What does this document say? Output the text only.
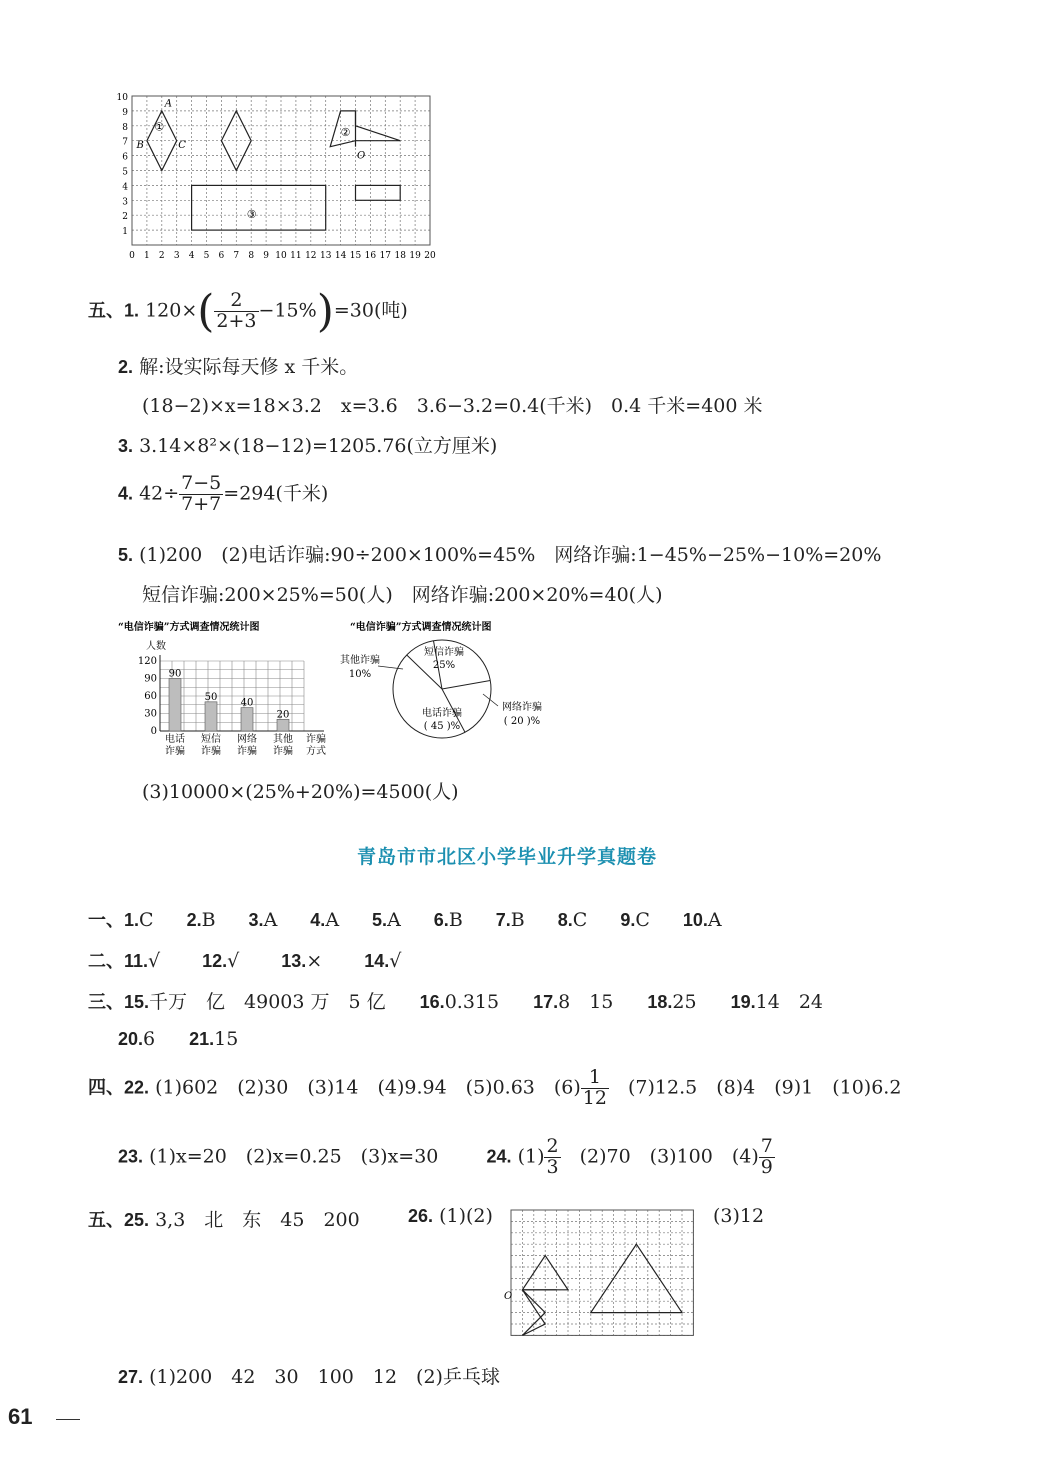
10
9
8
7
6
5
4
3
2
1
0 1 2 3 4 5 6 7 8 9 10 11 12 13 14 15 16 17 18 19 20
A
B	C
O
①	②
③
五、1. $120\times( \frac{2}{2+3} -15\%)=30$(吨)
2. 解:设实际每天修 x 千米。
(18−2)×x=18×3.2　x=3.6　3.6−3.2=0.4(千米)　0.4 千米=400 米
3. 3.14×8²×(18−12)=1205.76(立方厘米)
4. $42\div \frac{7-5}{7+7} =294$(千米)
5. (1)200　(2)电话诈骗:90÷200×100%=45%　网络诈骗:1−45%−25%−10%=20%
短信诈骗:200×25%=50(人)　网络诈骗:200×20%=40(人)
“电信诈骗”方式调查情况统计图
人数
0
30
60
90
120
90
电话
诈骗
50
短信
诈骗
40
网络
诈骗
20
其他
诈骗
诈骗
方式
“电信诈骗”方式调查情况统计图
短信诈骗
25%
电话诈骗
( 45 )%
其他诈骗
10%
网络诈骗
( 20 )%
(3)10000×(25%+20%)=4500(人)
青岛市市北区小学毕业升学真题卷
一、1.C 2.B 3.A 4.A 5.A 6.B 7.B 8.C 9.C 10.A
二、11.√ 12.√ 13.× 14.√
三、15.千万　亿　49003 万　5 亿 16.0.315 17.8　15 18.25 19.14　24
20.6 21.15
四、22. (1)602　(2)30　(3)14　(4)9.94　(5)0.63　$(6) \frac{1}{12}$ 　(7)12.5　(8)4　(9)1　(10)6.2
23. (1)x=20　(2)x=0.25　(3)x=30	24. $(1) \frac{2}{3}$ 　(2)70　(3)100　$(4) \frac{7}{9}$
五、25. 3,3　北　东　45　200	26. (1)(2)
O
(3)12
27. (1)200　42　30　100　12　(2)乒乓球
61
